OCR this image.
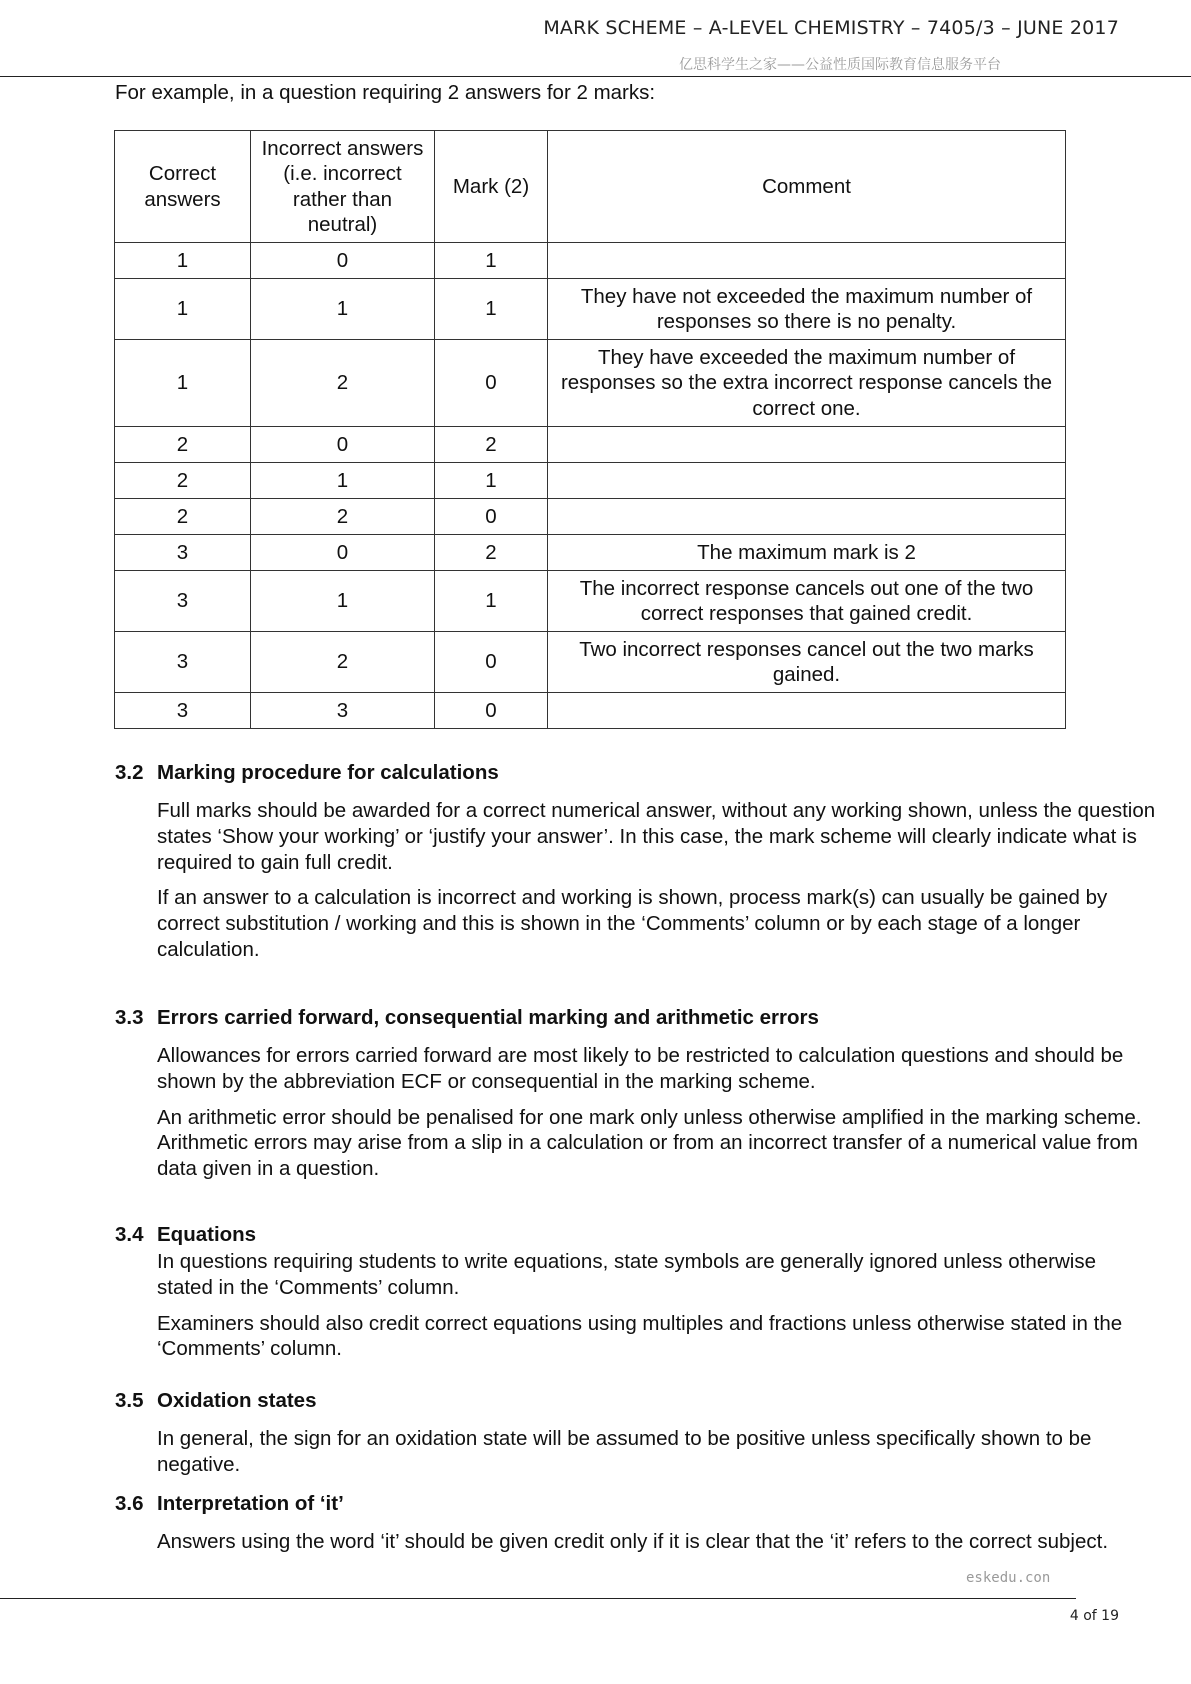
MARK SCHEME – A-LEVEL CHEMISTRY – 7405/3 – JUNE 2017
亿思科学生之家——公益性质国际教育信息服务平台
For example, in a question requiring 2 answers for 2 marks:
Correct answers	Incorrect answers (i.e. incorrect rather than neutral)	Mark (2)	Comment
1	0	1	
1	1	1	They have not exceeded the maximum number of responses so there is no penalty.
1	2	0	They have exceeded the maximum number of responses so the extra incorrect response cancels the correct one.
2	0	2	
2	1	1	
2	2	0	
3	0	2	The maximum mark is 2
3	1	1	The incorrect response cancels out one of the two correct responses that gained credit.
3	2	0	Two incorrect responses cancel out the two marks gained.
3	3	0	
3.2 Marking procedure for calculations
Full marks should be awarded for a correct numerical answer, without any working shown, unless the question states ‘Show your working’ or ‘justify your answer’. In this case, the mark scheme will clearly indicate what is required to gain full credit.
If an answer to a calculation is incorrect and working is shown, process mark(s) can usually be gained by correct substitution / working and this is shown in the ‘Comments’ column or by each stage of a longer calculation.
3.3 Errors carried forward, consequential marking and arithmetic errors
Allowances for errors carried forward are most likely to be restricted to calculation questions and should be shown by the abbreviation ECF or consequential in the marking scheme.
An arithmetic error should be penalised for one mark only unless otherwise amplified in the marking scheme. Arithmetic errors may arise from a slip in a calculation or from an incorrect transfer of a numerical value from data given in a question.
3.4 Equations
In questions requiring students to write equations, state symbols are generally ignored unless otherwise stated in the ‘Comments’ column.
Examiners should also credit correct equations using multiples and fractions unless otherwise stated in the ‘Comments’ column.
3.5 Oxidation states
In general, the sign for an oxidation state will be assumed to be positive unless specifically shown to be negative.
3.6 Interpretation of ‘it’
Answers using the word ‘it’ should be given credit only if it is clear that the ‘it’ refers to the correct subject.
eskedu.con
4 of 19
